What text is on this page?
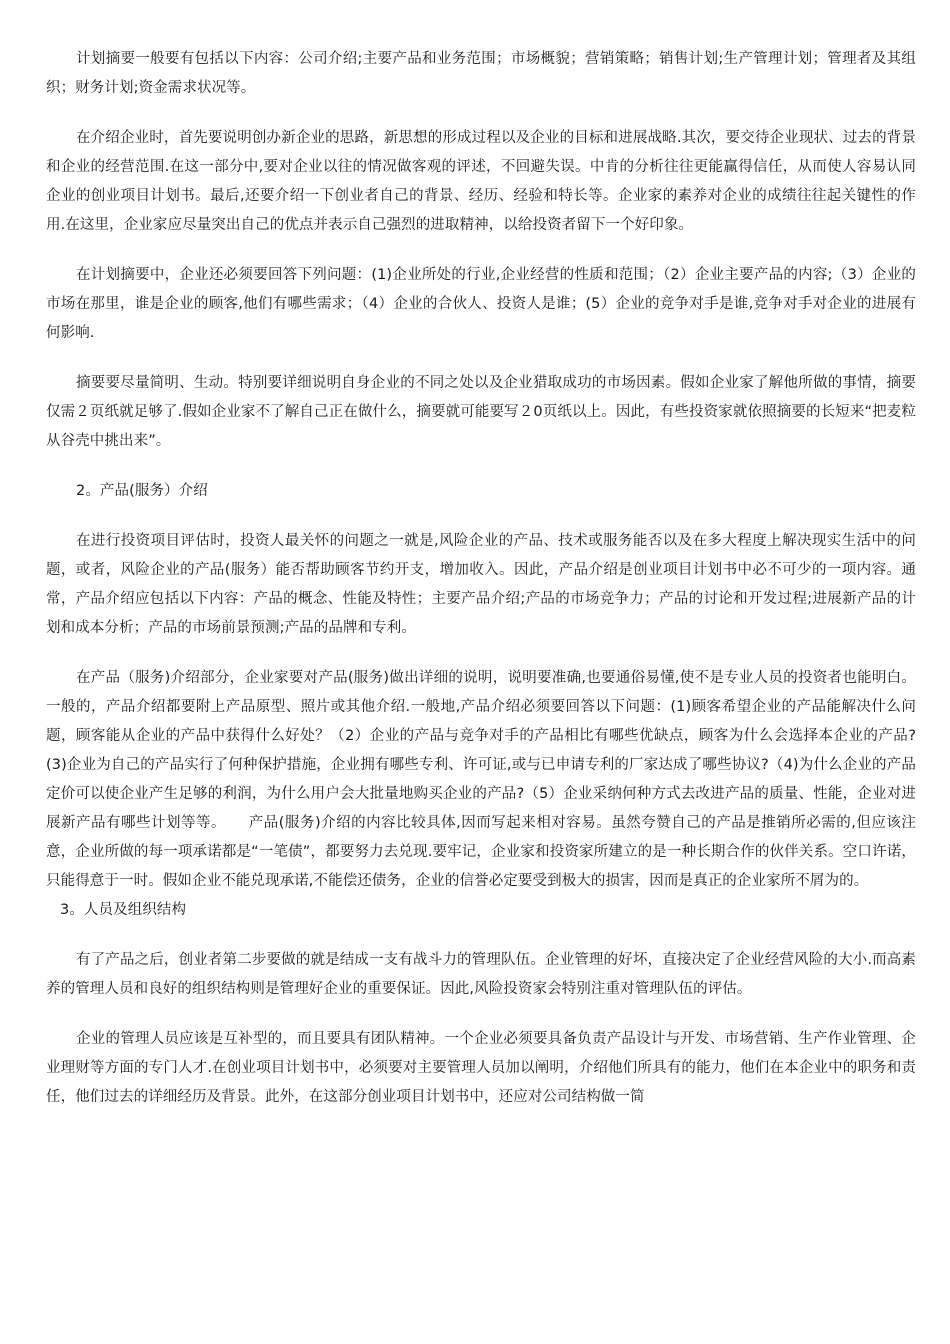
计划摘要一般要有包括以下内容：公司介绍;主要产品和业务范围；市场概貌；营销策略；销售计划;生产管理计划；管理者及其组织；财务计划;资金需求状况等。

在介绍企业时，首先要说明创办新企业的思路，新思想的形成过程以及企业的目标和进展战略.其次，要交待企业现状、过去的背景和企业的经营范围.在这一部分中,要对企业以往的情况做客观的评述，不回避失误。中肯的分析往往更能赢得信任，从而使人容易认同企业的创业项目计划书。最后,还要介绍一下创业者自己的背景、经历、经验和特长等。企业家的素养对企业的成绩往往起关键性的作用.在这里，企业家应尽量突出自己的优点并表示自己强烈的进取精神，以给投资者留下一个好印象。

在计划摘要中，企业还必须要回答下列问题：(1)企业所处的行业,企业经营的性质和范围；（2）企业主要产品的内容;（3）企业的市场在那里，谁是企业的顾客,他们有哪些需求；（4）企业的合伙人、投资人是谁；(5）企业的竞争对手是谁,竞争对手对企业的进展有何影响.

摘要要尽量简明、生动。特别要详细说明自身企业的不同之处以及企业猎取成功的市场因素。假如企业家了解他所做的事情，摘要仅需２页纸就足够了.假如企业家不了解自己正在做什么，摘要就可能要写２0页纸以上。因此，有些投资家就依照摘要的长短来“把麦粒从谷壳中挑出来”。

2。产品(服务）介绍

在进行投资项目评估时，投资人最关怀的问题之一就是,风险企业的产品、技术或服务能否以及在多大程度上解决现实生活中的问题，或者，风险企业的产品(服务）能否帮助顾客节约开支，增加收入。因此，产品介绍是创业项目计划书中必不可少的一项内容。通常，产品介绍应包括以下内容：产品的概念、性能及特性；主要产品介绍;产品的市场竞争力；产品的讨论和开发过程;进展新产品的计划和成本分析；产品的市场前景预测;产品的品牌和专利。

在产品（服务)介绍部分，企业家要对产品(服务)做出详细的说明，说明要准确,也要通俗易懂,使不是专业人员的投资者也能明白。一般的，产品介绍都要附上产品原型、照片或其他介绍.一般地,产品介绍必须要回答以下问题：(1)顾客希望企业的产品能解决什么问题，顾客能从企业的产品中获得什么好处？（2）企业的产品与竞争对手的产品相比有哪些优缺点，顾客为什么会选择本企业的产品?(3)企业为自己的产品实行了何种保护措施，企业拥有哪些专利、许可证,或与已申请专利的厂家达成了哪些协议?（4)为什么企业的产品定价可以使企业产生足够的利润，为什么用户会大批量地购买企业的产品?（5）企业采纳何种方式去改进产品的质量、性能，企业对进展新产品有哪些计划等等。　　产品(服务)介绍的内容比较具体,因而写起来相对容易。虽然夸赞自己的产品是推销所必需的,但应该注意，企业所做的每一项承诺都是“一笔债”，都要努力去兑现.要牢记，企业家和投资家所建立的是一种长期合作的伙伴关系。空口许诺，只能得意于一时。假如企业不能兑现承诺,不能偿还债务，企业的信誉必定要受到极大的损害，因而是真正的企业家所不屑为的。

3。人员及组织结构

有了产品之后，创业者第二步要做的就是结成一支有战斗力的管理队伍。企业管理的好坏，直接决定了企业经营风险的大小.而高素养的管理人员和良好的组织结构则是管理好企业的重要保证。因此,风险投资家会特别注重对管理队伍的评估。

企业的管理人员应该是互补型的，而且要具有团队精神。一个企业必须要具备负责产品设计与开发、市场营销、生产作业管理、企业理财等方面的专门人才.在创业项目计划书中，必须要对主要管理人员加以阐明，介绍他们所具有的能力，他们在本企业中的职务和责任，他们过去的详细经历及背景。此外，在这部分创业项目计划书中，还应对公司结构做一简
